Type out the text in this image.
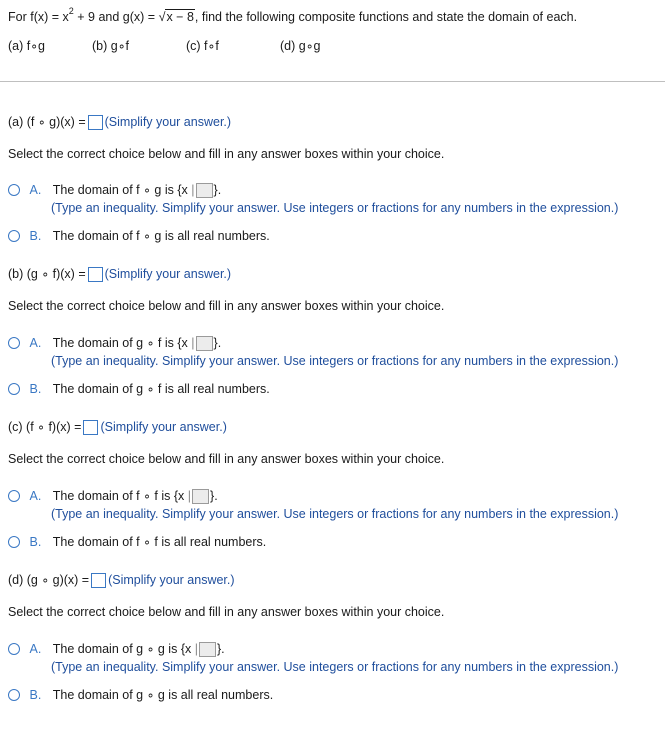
For $f(x) = x^2 + 9$ and g(x) = √x − 8, find the following composite functions and state the domain of each.
(a) f∘g	(b) g∘f	(c) f∘f	(d) g∘g
(a) (f ∘ g)(x) = (Simplify your answer.)
Select the correct choice below and fill in any answer boxes within your choice.
A. The domain of f ∘ g is {x | }.
(Type an inequality. Simplify your answer. Use integers or fractions for any numbers in the expression.)
B. The domain of f ∘ g is all real numbers.
(b) (g ∘ f)(x) = (Simplify your answer.)
Select the correct choice below and fill in any answer boxes within your choice.
A. The domain of g ∘ f is {x | }.
(Type an inequality. Simplify your answer. Use integers or fractions for any numbers in the expression.)
B. The domain of g ∘ f is all real numbers.
(c) (f ∘ f)(x) = (Simplify your answer.)
Select the correct choice below and fill in any answer boxes within your choice.
A. The domain of f ∘ f is {x | }.
(Type an inequality. Simplify your answer. Use integers or fractions for any numbers in the expression.)
B. The domain of f ∘ f is all real numbers.
(d) (g ∘ g)(x) = (Simplify your answer.)
Select the correct choice below and fill in any answer boxes within your choice.
A. The domain of g ∘ g is {x | }.
(Type an inequality. Simplify your answer. Use integers or fractions for any numbers in the expression.)
B. The domain of g ∘ g is all real numbers.
